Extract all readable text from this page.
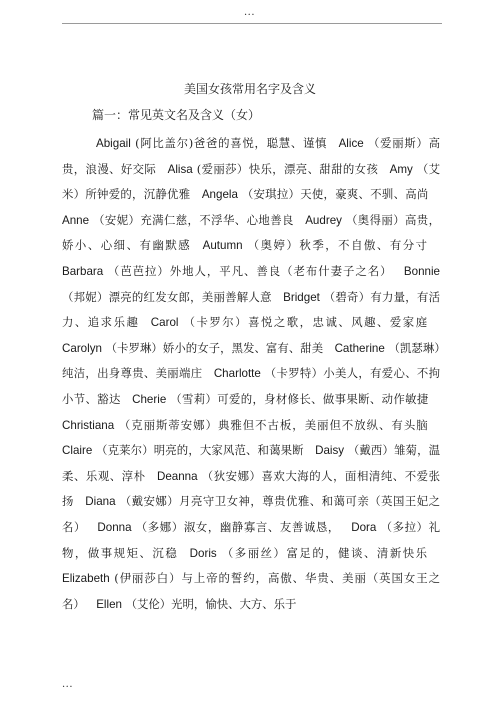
···
美国女孩常用名字及含义
篇一：常见英文名及含义（女）

Abigail (阿比盖尔)爸爸的喜悦，聪慧、谨慎 Alice （爱丽斯）高贵，浪漫、好交际 Alisa (爱丽莎）快乐，漂亮、甜甜的女孩 Amy （艾米）所钟爱的，沉静优雅 Angela （安琪拉）天使，豪爽、不驯、高尚 Anne （安妮）充满仁慈，不浮华、心地善良 Audrey （奥得丽）高贵，娇小、心细、有幽默感 Autumn （奥婷）秋季，不自傲、有分寸 Barbara （芭芭拉）外地人，平凡、善良（老布什妻子之名） Bonnie （邦妮）漂亮的红发女郎，美丽善解人意 Bridget （碧奇）有力量，有活力、追求乐趣 Carol （卡罗尔）喜悦之歌，忠诚、风趣、爱家庭 Carolyn （卡罗琳）娇小的女子，黑发、富有、甜美 Catherine （凯瑟琳）纯洁，出身尊贵、美丽端庄 Charlotte （卡罗特）小美人，有爱心、不拘小节、豁达 Cherie （雪莉）可爱的，身材修长、做事果断、动作敏捷 Christiana （克丽斯蒂安娜）典雅但不古板，美丽但不放纵、有头脑 Claire （克莱尔）明亮的，大家风范、和蔼果断 Daisy （戴西）雏菊，温柔、乐观、淳朴 Deanna （狄安娜）喜欢大海的人，面相清纯、不爱张扬 Diana （戴安娜）月亮守卫女神，尊贵优雅、和蔼可亲（英国王妃之名） Donna （多娜）淑女，幽静寡言、友善诚恳， Dora （多拉）礼物，做事规矩、沉稳 Doris （多丽丝）富足的，健谈、清新快乐 Elizabeth (伊丽莎白）与上帝的誓约，高傲、华贵、美丽（英国女王之名） Ellen （艾伦）光明，愉快、大方、乐于 

···
